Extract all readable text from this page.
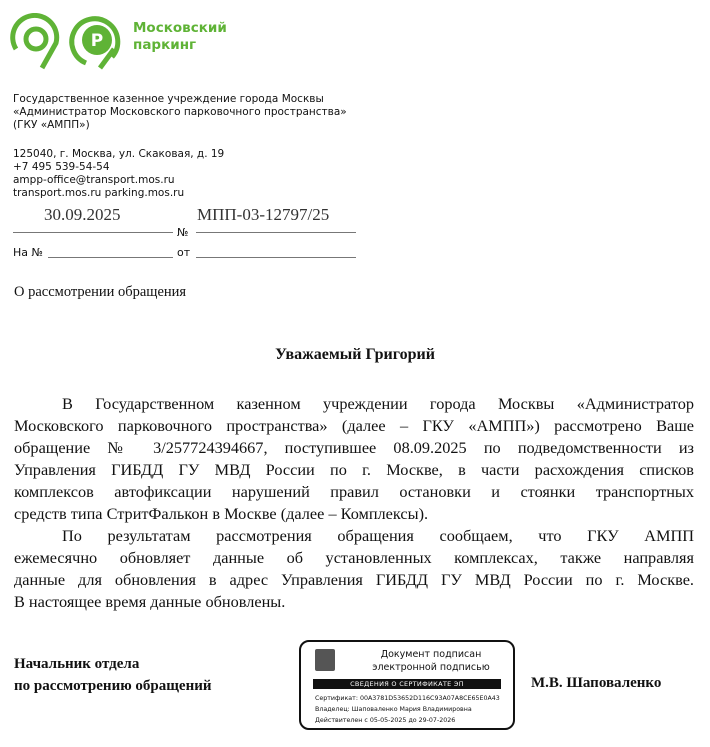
P
Московский
паркинг
Государственное казенное учреждение города Москвы
«Администратор Московского парковочного пространства»
(ГКУ «АМПП»)
125040, г. Москва, ул. Скаковая, д. 19
+7 495 539-54-54
ampp-office@transport.mos.ru
transport.mos.ru parking.mos.ru
30.09.2025	МПП-03-12797/25
№
На №	от
О рассмотрении обращения
Уважаемый Григорий
В Государственном казенном учреждении города Москвы «Администратор
Московского парковочного пространства» (далее – ГКУ «АМПП») рассмотрено Ваше
обращение № 3/257724394667, поступившее 08.09.2025 по подведомственности из
Управления ГИБДД ГУ МВД России по г. Москве, в части расхождения списков
комплексов автофиксации нарушений правил остановки и стоянки транспортных
средств типа СтритФалькон в Москве (далее – Комплексы).
По результатам рассмотрения обращения сообщаем, что ГКУ АМПП
ежемесячно обновляет данные об установленных комплексах, также направляя
данные для обновления в адрес Управления ГИБДД ГУ МВД России по г. Москве.
В настоящее время данные обновлены.
Начальник отдела
по рассмотрению обращений	М.В. Шаповаленко
Документ подписан
электронной подписью
СВЕДЕНИЯ О СЕРТИФИКАТЕ ЭП
Сертификат: 00A3781D53652D116C93A07A8CE65E0A43
Владелец: Шаповаленко Мария Владимировна
Действителен с 05-05-2025 до 29-07-2026
